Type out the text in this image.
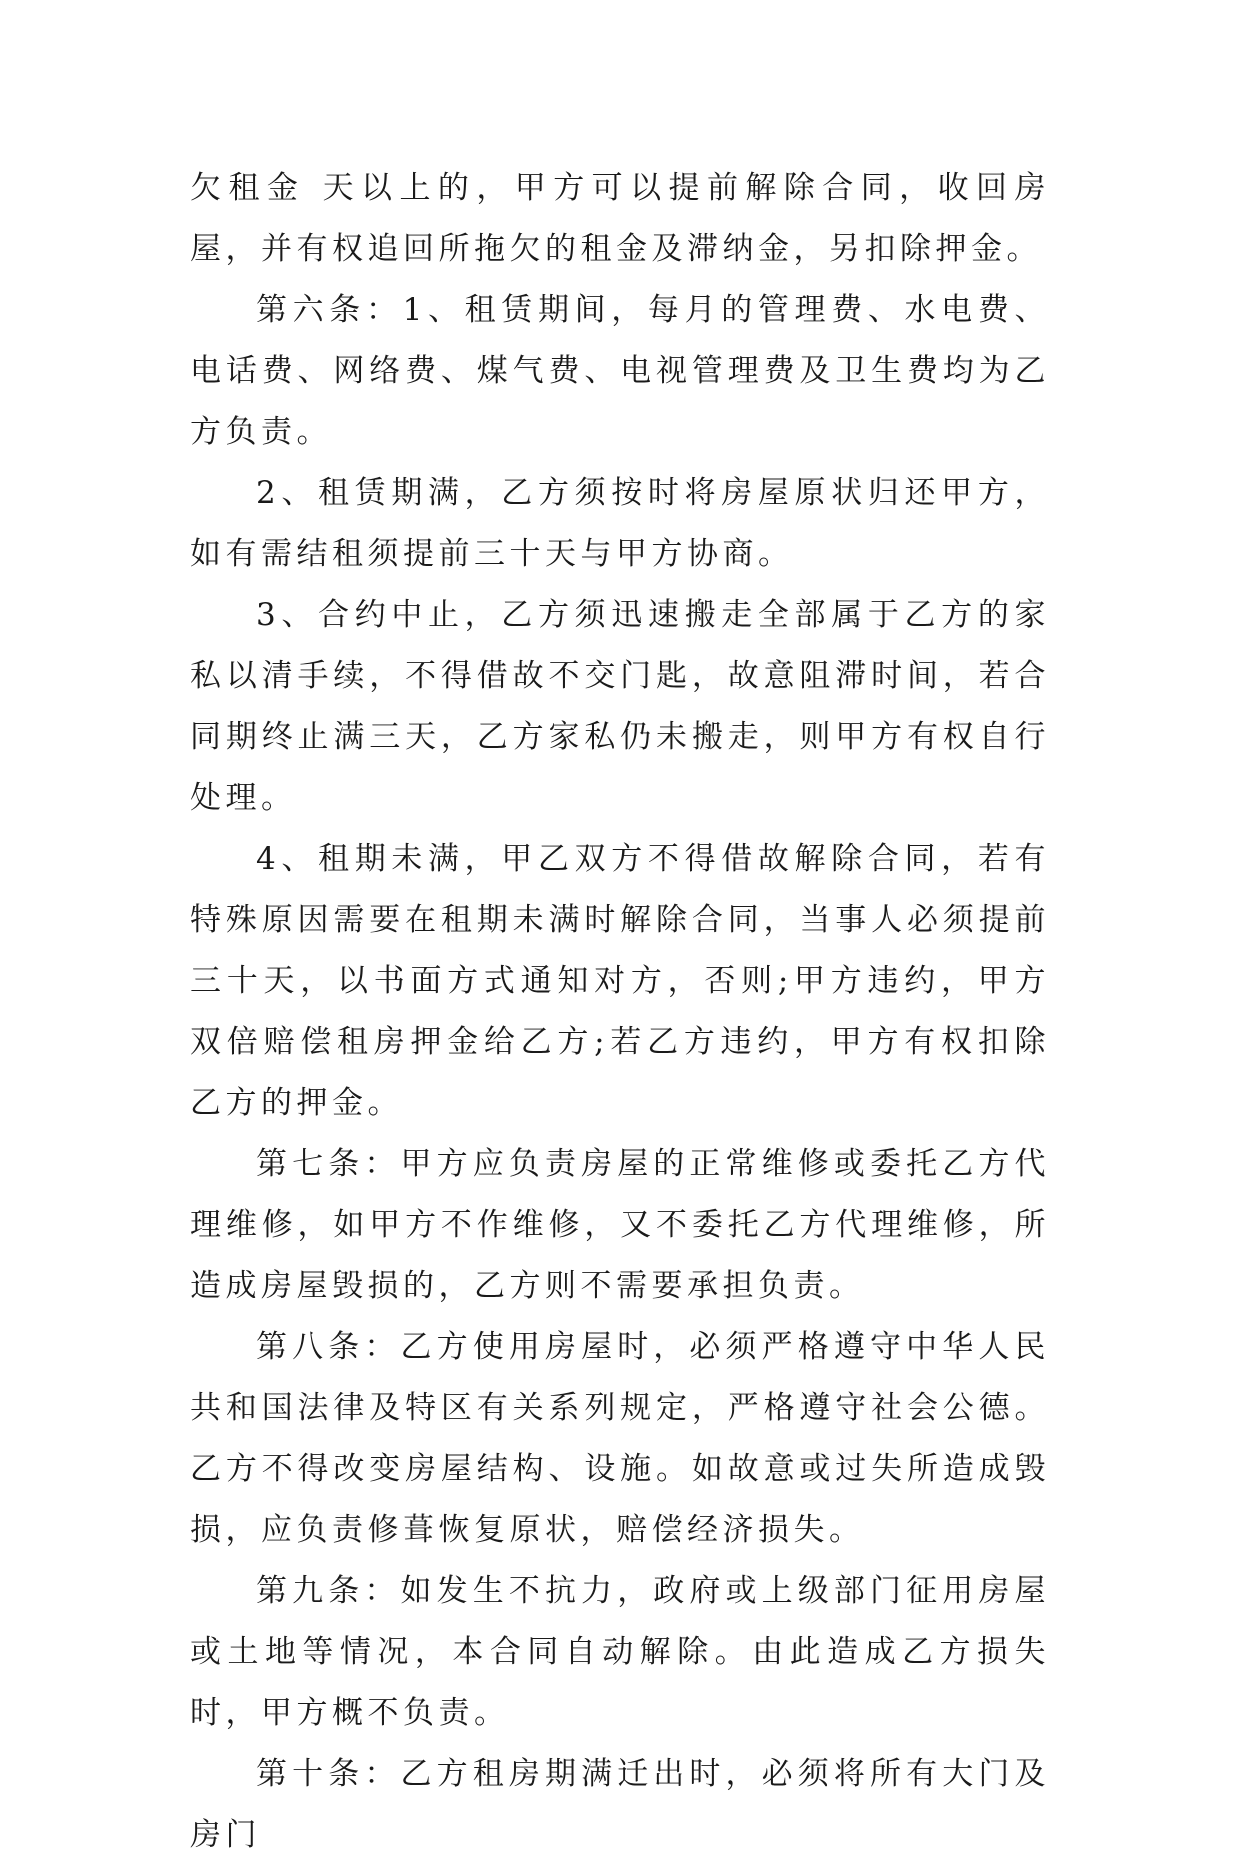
欠租金 天以上的，甲方可以提前解除合同，收回房屋，并有权追回所拖欠的租金及滞纳金，另扣除押金。

第六条：1、租赁期间，每月的管理费、水电费、电话费、网络费、煤气费、电视管理费及卫生费均为乙方负责。

2、租赁期满，乙方须按时将房屋原状归还甲方，如有需结租须提前三十天与甲方协商。

3、合约中止，乙方须迅速搬走全部属于乙方的家私以清手续，不得借故不交门匙，故意阻滞时间，若合同期终止满三天，乙方家私仍未搬走，则甲方有权自行处理。

4、租期未满，甲乙双方不得借故解除合同，若有特殊原因需要在租期未满时解除合同，当事人必须提前三十天，以书面方式通知对方，否则;甲方违约，甲方双倍赔偿租房押金给乙方;若乙方违约，甲方有权扣除乙方的押金。

第七条：甲方应负责房屋的正常维修或委托乙方代理维修，如甲方不作维修，又不委托乙方代理维修，所造成房屋毁损的，乙方则不需要承担负责。

第八条：乙方使用房屋时，必须严格遵守中华人民共和国法律及特区有关系列规定，严格遵守社会公德。乙方不得改变房屋结构、设施。如故意或过失所造成毁损，应负责修葺恢复原状，赔偿经济损失。

第九条：如发生不抗力，政府或上级部门征用房屋或土地等情况，本合同自动解除。由此造成乙方损失时，甲方概不负责。

第十条：乙方租房期满迁出时，必须将所有大门及房门
